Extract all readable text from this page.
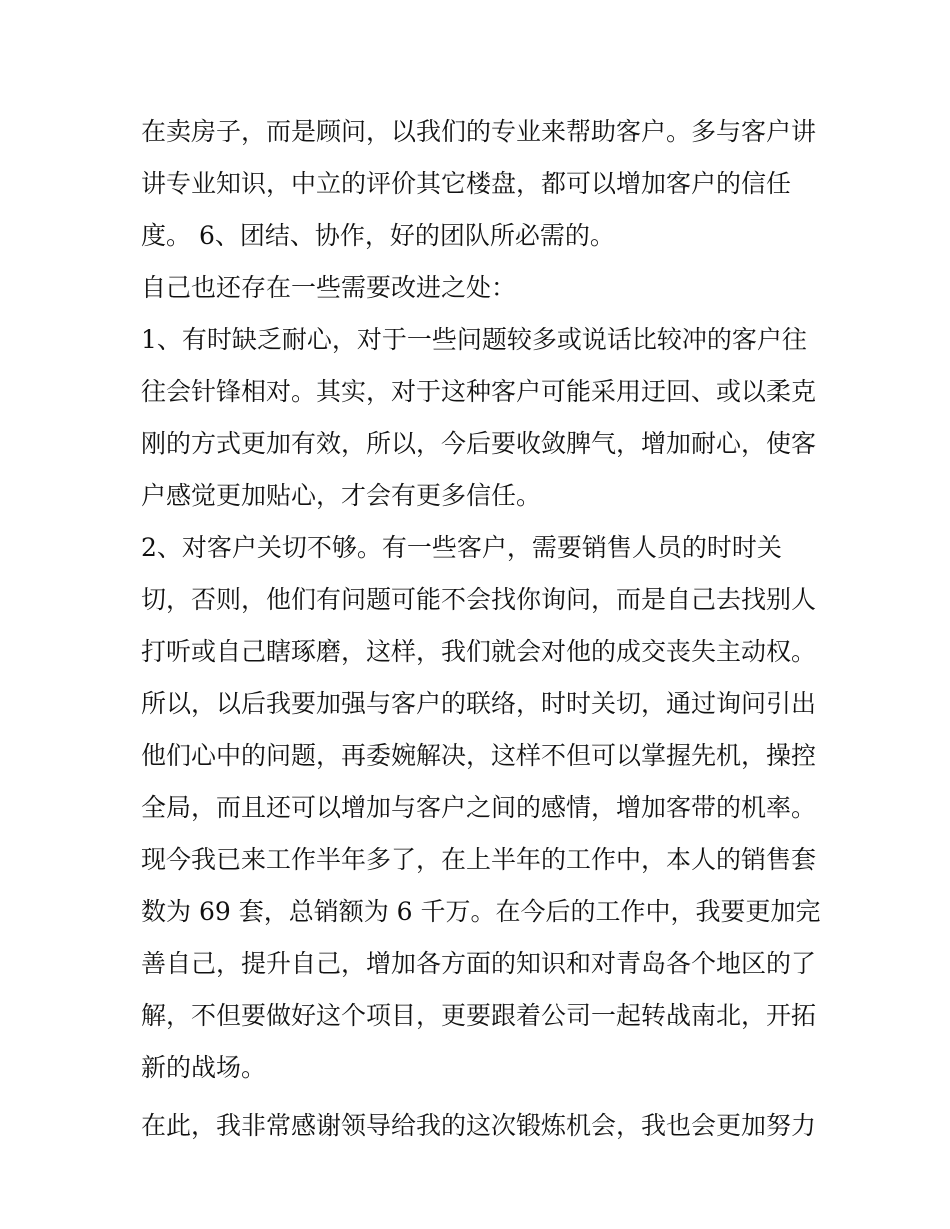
在卖房子，而是顾问，以我们的专业来帮助客户。多与客户讲
讲专业知识，中立的评价其它楼盘，都可以增加客户的信任
度。 6、团结、协作，好的团队所必需的。
自己也还存在一些需要改进之处：
1、有时缺乏耐心，对于一些问题较多或说话比较冲的客户往
往会针锋相对。其实，对于这种客户可能采用迂回、或以柔克
刚的方式更加有效，所以，今后要收敛脾气，增加耐心，使客
户感觉更加贴心，才会有更多信任。
2、对客户关切不够。有一些客户，需要销售人员的时时关
切，否则，他们有问题可能不会找你询问，而是自己去找别人
打听或自己瞎琢磨，这样，我们就会对他的成交丧失主动权。
所以，以后我要加强与客户的联络，时时关切，通过询问引出
他们心中的问题，再委婉解决，这样不但可以掌握先机，操控
全局，而且还可以增加与客户之间的感情，增加客带的机率。
现今我已来工作半年多了，在上半年的工作中，本人的销售套
数为 69 套，总销额为 6 千万。在今后的工作中，我要更加完
善自己，提升自己，增加各方面的知识和对青岛各个地区的了
解，不但要做好这个项目，更要跟着公司一起转战南北，开拓
新的战场。
在此，我非常感谢领导给我的这次锻炼机会，我也会更加努力
